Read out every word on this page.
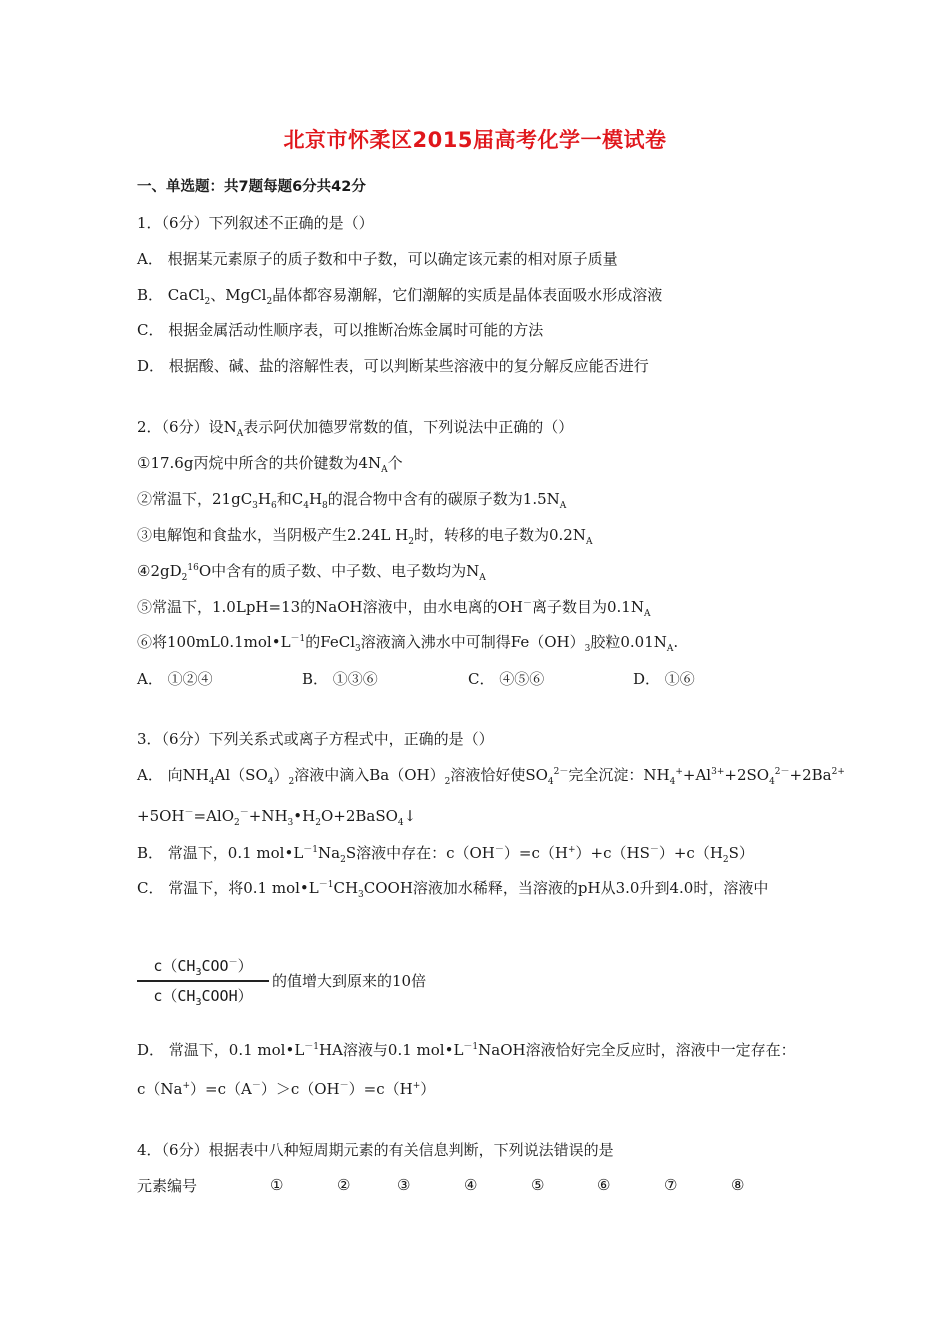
北京市怀柔区2015届高考化学一模试卷
一、单选题：共7题每题6分共42分
1．（6分）下列叙述不正确的是（）
A． 根据某元素原子的质子数和中子数，可以确定该元素的相对原子质量
B． CaCl$_2$、MgCl$_2$晶体都容易潮解，它们潮解的实质是晶体表面吸水形成溶液
C． 根据金属活动性顺序表，可以推断冶炼金属时可能的方法
D． 根据酸、碱、盐的溶解性表，可以判断某些溶液中的复分解反应能否进行
2．（6分）设$N_A$表示阿伏加德罗常数的值，下列说法中正确的（）
①17.6g丙烷中所含的共价键数为$4N_A$个
②常温下，$21gC_3H_6$和$C_4H_8$的混合物中含有的碳原子数为$1.5N_A$
③电解饱和食盐水，当阴极产生2.24L $H_2$时，转移的电子数为$0.2N_A$
$④2gD_2^{16}O$中含有的质子数、中子数、电子数均为$N_A$
⑤常温下，1.0LpH=13的NaOH溶液中，由水电离的OH－离子数目为$0.1N_A$
⑥将$100mL0.1mol•L^{-1}$的FeCl$_3$溶液滴入沸水中可制得$Fe(OH)_3$胶粒$0.01N_A$.
A． ①②④	B． ①③⑥	C． ④⑤⑥	D． ①⑥
3．（6分）下列关系式或离子方程式中，正确的是（）
A． 向$NH_4Al(SO_4)_2$溶液中滴入$Ba(OH)_2$溶液恰好使$SO_4^{2-}$完全沉淀：$NH_4^++Al^{3+}+2SO_4^{2-}+2Ba^{2+}$
$+5OH^-=AlO_2^-+NH_3•H_2O+2BaSO_4↓$
B． 常温下，0.1 $mol•L^{-1}Na_2S$溶液中存在：$c(OH^-)=c(H^+)+c(HS^-)+c(H_2S)$
C． 常温下，将0.1 $mol•L^{-1}CH_3COOH$溶液加水稀释，当溶液的pH从3.0升到4.0时，溶液中
$c(CH_3COO^-)$
$c(CH_3COOH)$
的值增大到原来的10倍
D． 常温下，0.1 $mol•L^{-1}HA$溶液与0.1 $mol•L^{-1}NaOH$溶液恰好完全反应时，溶液中一定存在：
c（Na+）=c（A－）＞c（OH－）=c（H+）
4．（6分）根据表中八种短周期元素的有关信息判断，下列说法错误的是
元素编号	①	②	③	④	⑤	⑥	⑦	⑧
